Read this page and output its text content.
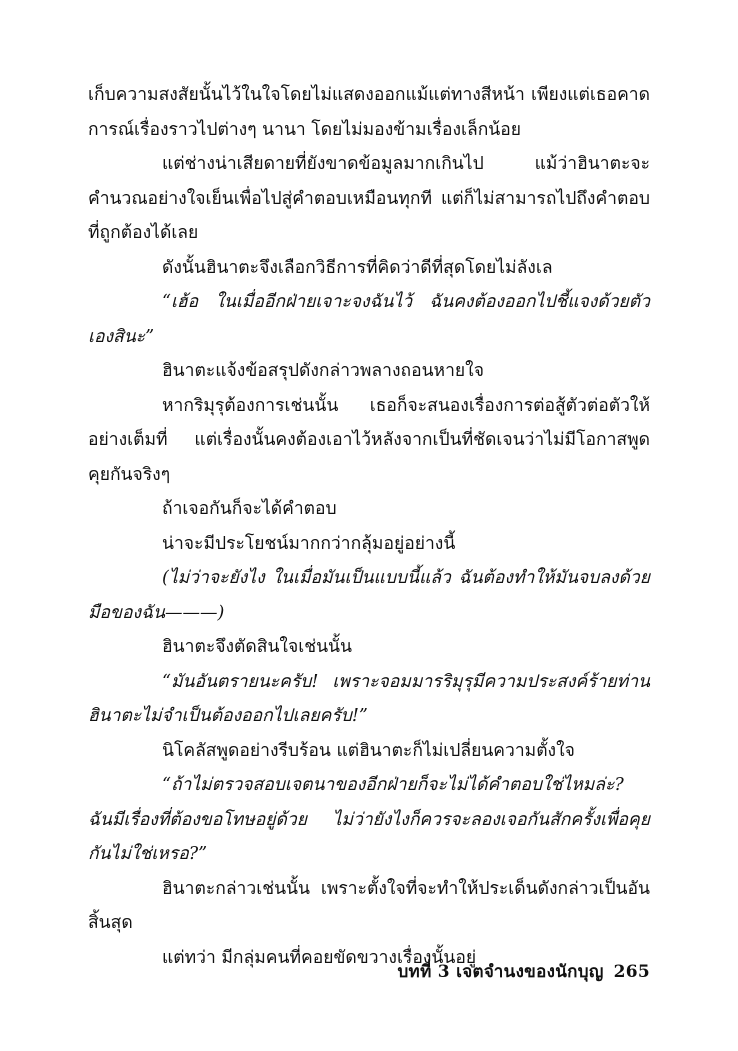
เก็บความสงสัยนั้นไว้ในใจโดยไม่แสดงออกแม้แต่ทางสีหน้า เพียงแต่เธอคาดการณ์เรื่องราวไปต่างๆ นานา โดยไม่มองข้ามเรื่องเล็กน้อย

แต่ช่างน่าเสียดายที่ยังขาดข้อมูลมากเกินไป แม้ว่าฮินาตะจะคำนวณอย่างใจเย็นเพื่อไปสู่คำตอบเหมือนทุกที แต่ก็ไม่สามารถไปถึงคำตอบที่ถูกต้องได้เลย

ดังนั้นฮินาตะจึงเลือกวิธีการที่คิดว่าดีที่สุดโดยไม่ลังเล

“เฮ้อ ในเมื่ออีกฝ่ายเจาะจงฉันไว้ ฉันคงต้องออกไปชี้แจงด้วยตัวเองสินะ”

ฮินาตะแจ้งข้อสรุปดังกล่าวพลางถอนหายใจ

หากริมุรุต้องการเช่นนั้น เธอก็จะสนองเรื่องการต่อสู้ตัวต่อตัวให้อย่างเต็มที่ แต่เรื่องนั้นคงต้องเอาไว้หลังจากเป็นที่ชัดเจนว่าไม่มีโอกาสพูดคุยกันจริงๆ

ถ้าเจอกันก็จะได้คำตอบ

น่าจะมีประโยชน์มากกว่ากลุ้มอยู่อย่างนี้

(ไม่ว่าจะยังไง ในเมื่อมันเป็นแบบนี้แล้ว ฉันต้องทำให้มันจบลงด้วยมือของฉัน———)

ฮินาตะจึงตัดสินใจเช่นนั้น

“มันอันตรายนะครับ! เพราะจอมมารริมุรุมีความประสงค์ร้ายท่านฮินาตะไม่จำเป็นต้องออกไปเลยครับ!”

นิโคลัสพูดอย่างรีบร้อน แต่ฮินาตะก็ไม่เปลี่ยนความตั้งใจ

“ถ้าไม่ตรวจสอบเจตนาของอีกฝ่ายก็จะไม่ได้คำตอบใช่ไหมล่ะ? ฉันมีเรื่องที่ต้องขอโทษอยู่ด้วย ไม่ว่ายังไงก็ควรจะลองเจอกันสักครั้งเพื่อคุยกันไม่ใช่เหรอ?”

ฮินาตะกล่าวเช่นนั้น เพราะตั้งใจที่จะทำให้ประเด็นดังกล่าวเป็นอันสิ้นสุด

แต่ทว่า มีกลุ่มคนที่คอยขัดขวางเรื่องนั้นอยู่

บทที่ 3 เจตจำนงของนักบุญ 265
